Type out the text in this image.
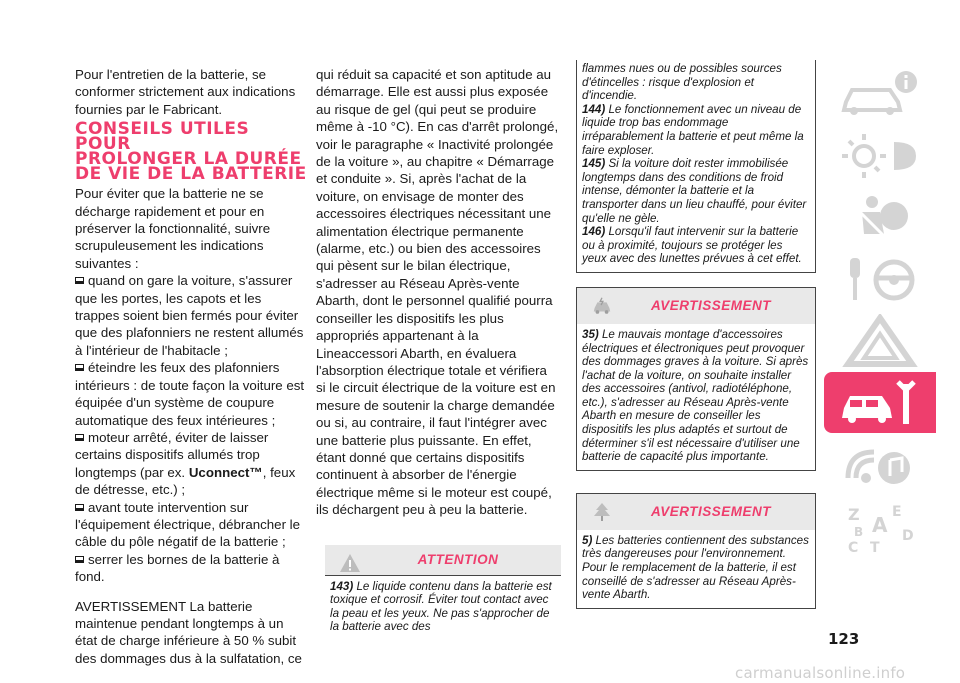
Pour l'entretien de la batterie, se conformer strictement aux indications fournies par le Fabricant.

CONSEILS UTILES POUR
PROLONGER LA DURÉE
DE VIE DE LA BATTERIE

Pour éviter que la batterie ne se décharge rapidement et pour en préserver la fonctionnalité, suivre scrupuleusement les indications suivantes :

quand on gare la voiture, s'assurer que les portes, les capots et les trappes soient bien fermés pour éviter que des plafonniers ne restent allumés à l'intérieur de l'habitacle ;

éteindre les feux des plafonniers intérieurs : de toute façon la voiture est équipée d'un système de coupure automatique des feux intérieures ;

moteur arrêté, éviter de laisser certains dispositifs allumés trop longtemps (par ex. Uconnect™, feux de détresse, etc.) ;

avant toute intervention sur l'équipement électrique, débrancher le câble du pôle négatif de la batterie ;

serrer les bornes de la batterie à fond.

AVERTISSEMENT La batterie maintenue pendant longtemps à un état de charge inférieure à 50 % subit des dommages dus à la sulfatation, ce

qui réduit sa capacité et son aptitude au démarrage. Elle est aussi plus exposée au risque de gel (qui peut se produire même à -10 °C). En cas d'arrêt prolongé, voir le paragraphe « Inactivité prolongée de la voiture », au chapitre « Démarrage et conduite ». Si, après l'achat de la voiture, on envisage de monter des accessoires électriques nécessitant une alimentation électrique permanente (alarme, etc.) ou bien des accessoires qui pèsent sur le bilan électrique, s'adresser au Réseau Après-vente Abarth, dont le personnel qualifié pourra conseiller les dispositifs les plus appropriés appartenant à la Lineaccessori Abarth, en évaluera l'absorption électrique totale et vérifiera si le circuit électrique de la voiture est en mesure de soutenir la charge demandée ou si, au contraire, il faut l'intégrer avec une batterie plus puissante. En effet, étant donné que certains dispositifs continuent à absorber de l'énergie électrique même si le moteur est coupé, ils déchargent peu à peu la batterie.

ATTENTION

143) Le liquide contenu dans la batterie est toxique et corrosif. Éviter tout contact avec la peau et les yeux. Ne pas s'approcher de la batterie avec des

flammes nues ou de possibles sources d'étincelles : risque d'explosion et d'incendie.

144) Le fonctionnement avec un niveau de liquide trop bas endommage irréparablement la batterie et peut même la faire exploser.

145) Si la voiture doit rester immobilisée longtemps dans des conditions de froid intense, démonter la batterie et la transporter dans un lieu chauffé, pour éviter qu'elle ne gèle.

146) Lorsqu'il faut intervenir sur la batterie ou à proximité, toujours se protéger les yeux avec des lunettes prévues à cet effet.

AVERTISSEMENT

35) Le mauvais montage d'accessoires électriques et électroniques peut provoquer des dommages graves à la voiture. Si après l'achat de la voiture, on souhaite installer des accessoires (antivol, radiotéléphone, etc.), s'adresser au Réseau Après-vente Abarth en mesure de conseiller les dispositifs les plus adaptés et surtout de déterminer s'il est nécessaire d'utiliser une batterie de capacité plus importante.

AVERTISSEMENT

5) Les batteries contiennent des substances très dangereuses pour l'environnement. Pour le remplacement de la batterie, il est conseillé de s'adresser au Réseau Après-vente Abarth.

Z E
A
B
C
D
T
123
carmanualsonline.info
